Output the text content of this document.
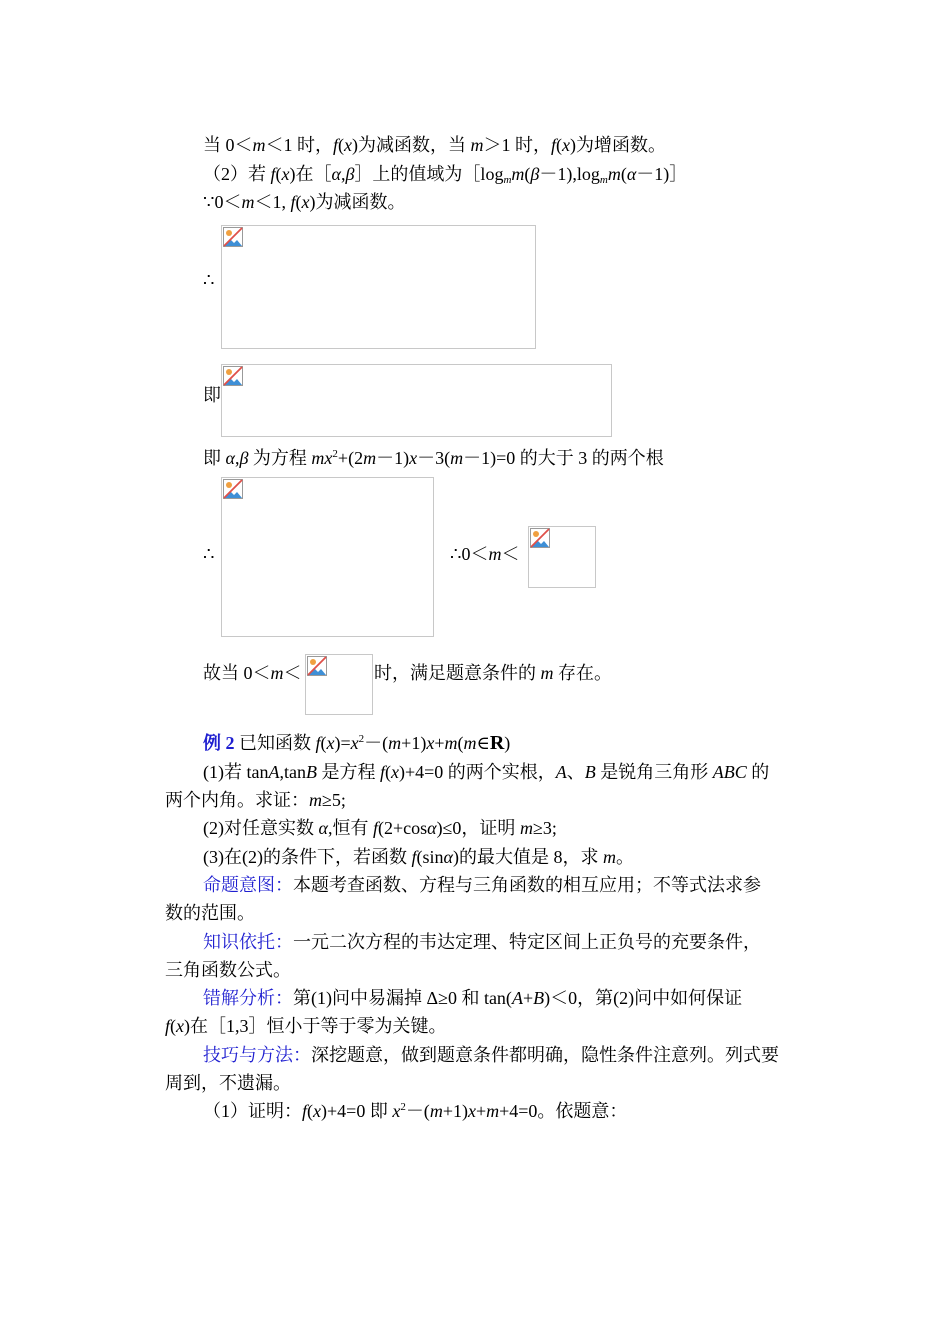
当 0＜m＜1 时，f(x)为减函数，当 m＞1 时，f(x)为增函数。
（2）若 f(x)在［α,β］上的值域为$[\log_mm(\beta-1),\log_mm(\alpha-1)]$
∵0＜m＜1, f(x)为减函数。
∴
即
即 α,β 为方程 $mx^2+(2m-1)x-3(m-1)=0$ 的大于 3 的两个根
∴	∴0＜m＜
故当 0＜m＜	时，满足题意条件的 m 存在。
例 2 已知函数 $f(x)=x^2-(m+1)x+m(m\in R)$
(1)若 tanA,tanB 是方程 f(x)+4=0 的两个实根，A、B 是锐角三角形 ABC 的
两个内角。求证：m≥5;
(2)对任意实数 α,恒有 f(2+cosα)≤0，证明 m≥3;
(3)在(2)的条件下，若函数 f(sinα)的最大值是 8，求 m。
命题意图：本题考查函数、方程与三角函数的相互应用；不等式法求参
数的范围。
知识依托：一元二次方程的韦达定理、特定区间上正负号的充要条件，
三角函数公式。
错解分析：第(1)问中易漏掉 Δ≥0 和 tan(A+B)＜0，第(2)问中如何保证
f(x)在［1,3］恒小于等于零为关键。
技巧与方法：深挖题意，做到题意条件都明确，隐性条件注意列。列式要
周到，不遗漏。
（1）证明：f(x)+4=0 即 $x^2-(m+1)x+m+4=0$。依题意：
